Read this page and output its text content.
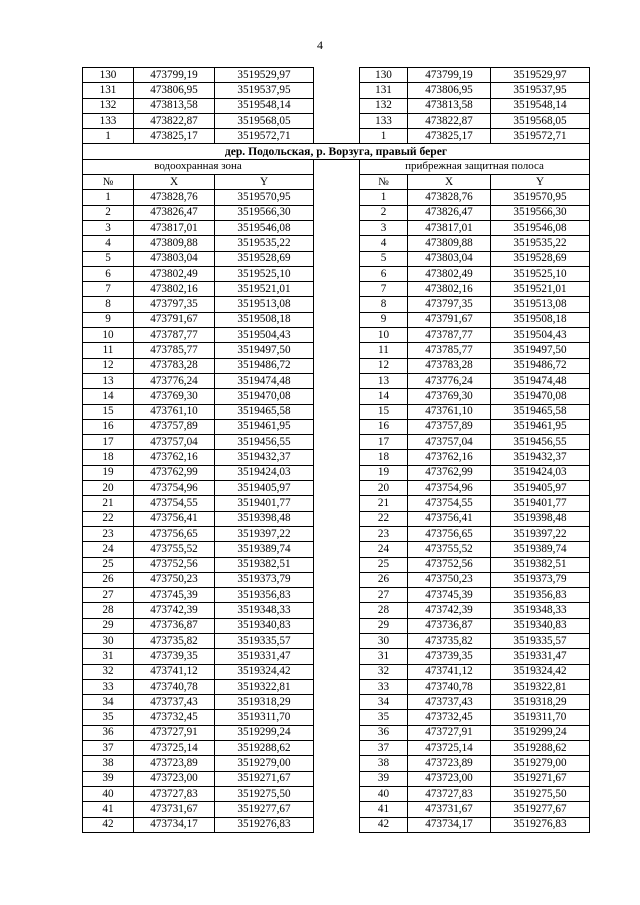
4
130	473799,19	3519529,97		130	473799,19	3519529,97
131	473806,95	3519537,95		131	473806,95	3519537,95
132	473813,58	3519548,14		132	473813,58	3519548,14
133	473822,87	3519568,05		133	473822,87	3519568,05
1	473825,17	3519572,71		1	473825,17	3519572,71
дер. Подольская, р. Ворзуга, правый берег						
водоохранная зона				прибрежная защитная полоса		
№	X	Y		№	X	Y
1	473828,76	3519570,95		1	473828,76	3519570,95
2	473826,47	3519566,30		2	473826,47	3519566,30
3	473817,01	3519546,08		3	473817,01	3519546,08
4	473809,88	3519535,22		4	473809,88	3519535,22
5	473803,04	3519528,69		5	473803,04	3519528,69
6	473802,49	3519525,10		6	473802,49	3519525,10
7	473802,16	3519521,01		7	473802,16	3519521,01
8	473797,35	3519513,08		8	473797,35	3519513,08
9	473791,67	3519508,18		9	473791,67	3519508,18
10	473787,77	3519504,43		10	473787,77	3519504,43
11	473785,77	3519497,50		11	473785,77	3519497,50
12	473783,28	3519486,72		12	473783,28	3519486,72
13	473776,24	3519474,48		13	473776,24	3519474,48
14	473769,30	3519470,08		14	473769,30	3519470,08
15	473761,10	3519465,58		15	473761,10	3519465,58
16	473757,89	3519461,95		16	473757,89	3519461,95
17	473757,04	3519456,55		17	473757,04	3519456,55
18	473762,16	3519432,37		18	473762,16	3519432,37
19	473762,99	3519424,03		19	473762,99	3519424,03
20	473754,96	3519405,97		20	473754,96	3519405,97
21	473754,55	3519401,77		21	473754,55	3519401,77
22	473756,41	3519398,48		22	473756,41	3519398,48
23	473756,65	3519397,22		23	473756,65	3519397,22
24	473755,52	3519389,74		24	473755,52	3519389,74
25	473752,56	3519382,51		25	473752,56	3519382,51
26	473750,23	3519373,79		26	473750,23	3519373,79
27	473745,39	3519356,83		27	473745,39	3519356,83
28	473742,39	3519348,33		28	473742,39	3519348,33
29	473736,87	3519340,83		29	473736,87	3519340,83
30	473735,82	3519335,57		30	473735,82	3519335,57
31	473739,35	3519331,47		31	473739,35	3519331,47
32	473741,12	3519324,42		32	473741,12	3519324,42
33	473740,78	3519322,81		33	473740,78	3519322,81
34	473737,43	3519318,29		34	473737,43	3519318,29
35	473732,45	3519311,70		35	473732,45	3519311,70
36	473727,91	3519299,24		36	473727,91	3519299,24
37	473725,14	3519288,62		37	473725,14	3519288,62
38	473723,89	3519279,00		38	473723,89	3519279,00
39	473723,00	3519271,67		39	473723,00	3519271,67
40	473727,83	3519275,50		40	473727,83	3519275,50
41	473731,67	3519277,67		41	473731,67	3519277,67
42	473734,17	3519276,83		42	473734,17	3519276,83
